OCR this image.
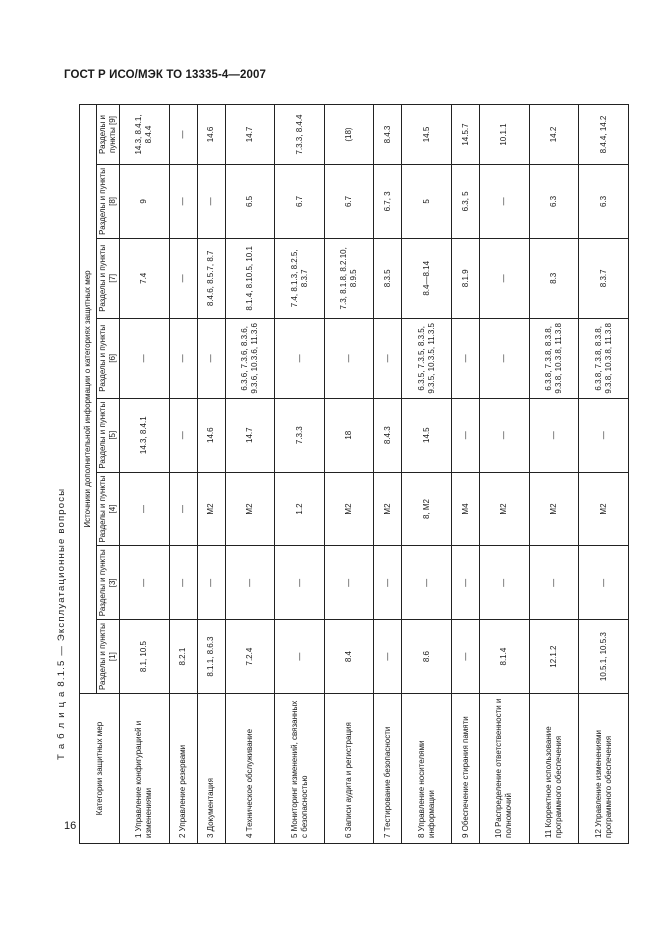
ГОСТ Р ИСО/МЭК ТО 13335-4—2007
Т а б л и ц а 8.1.5 — Эксплуатационные вопросы
16
Категории защитных мер	Источники дополнительной информации о категориях защитных мер							
	Разделы и пункты [1]	Разделы и пункты [3]	Разделы и пункты [4]	Разделы и пункты [5]	Разделы и пункты [6]	Разделы и пункты [7]	Разделы и пункты [8]	Разделы и пункты [9]
1 Управление конфигурацией и изменениями	8.1, 10.5	—	—	14.3, 8.4.1	—	7.4	9	14.3, 8.4.1, 8.4.4
2 Управление резервами	8.2.1	—	—	—	—	—	—	—
3 Документация	8.1.1, 8.6.3	—	М2	14.6	—	8.4.6, 8.5.7, 8.7	—	14.6
4 Техническое обслуживание	7.2.4	—	М2	14.7	6.3.6, 7.3.6, 8.3.6, 9.3.6, 10.3.6, 11.3.6	8.1.4, 8.10.5, 10.1	6.5	14.7
5 Мониторинг изменений, связанных с безопасностью	—	—	1.2	7.3.3	—	7.4, 8.1.3, 8.2.5, 8.3.7	6.7	7.3.3, 8.4.4
6 Записи аудита и регистрация	8.4	—	М2	18	—	7.3, 8.1.8, 8.2.10, 8.9.5	6.7	(18)
7 Тестирование безопасности	—	—	М2	8.4.3	—	8.3.5	6.7, 3	8.4.3
8 Управление носителями информации	8.6	—	8, М2	14.5	6.3.5, 7.3.5, 8.3.5, 9.3.5, 10.3.5, 11.3.5	8.4—8.14	5	14.5
9 Обеспечение стирания памяти	—	—	М4	—	—	8.1.9	6.3, 5	14.5.7
10 Распределение ответственности и полномочий	8.1.4	—	М2	—	—	—	—	10.1.1
11 Корректное использование программного обеспечения	12.1.2	—	М2	—	6.3.8, 7.3.8, 8.3.8, 9.3.8, 10.3.8, 11.3.8	8.3	6.3	14.2
12 Управление изменениями программного обеспечения	10.5.1, 10.5.3	—	М2	—	6.3.8, 7.3.8, 8.3.8, 9.3.8, 10.3.8, 11.3.8	8.3.7	6.3	8.4.4, 14.2
